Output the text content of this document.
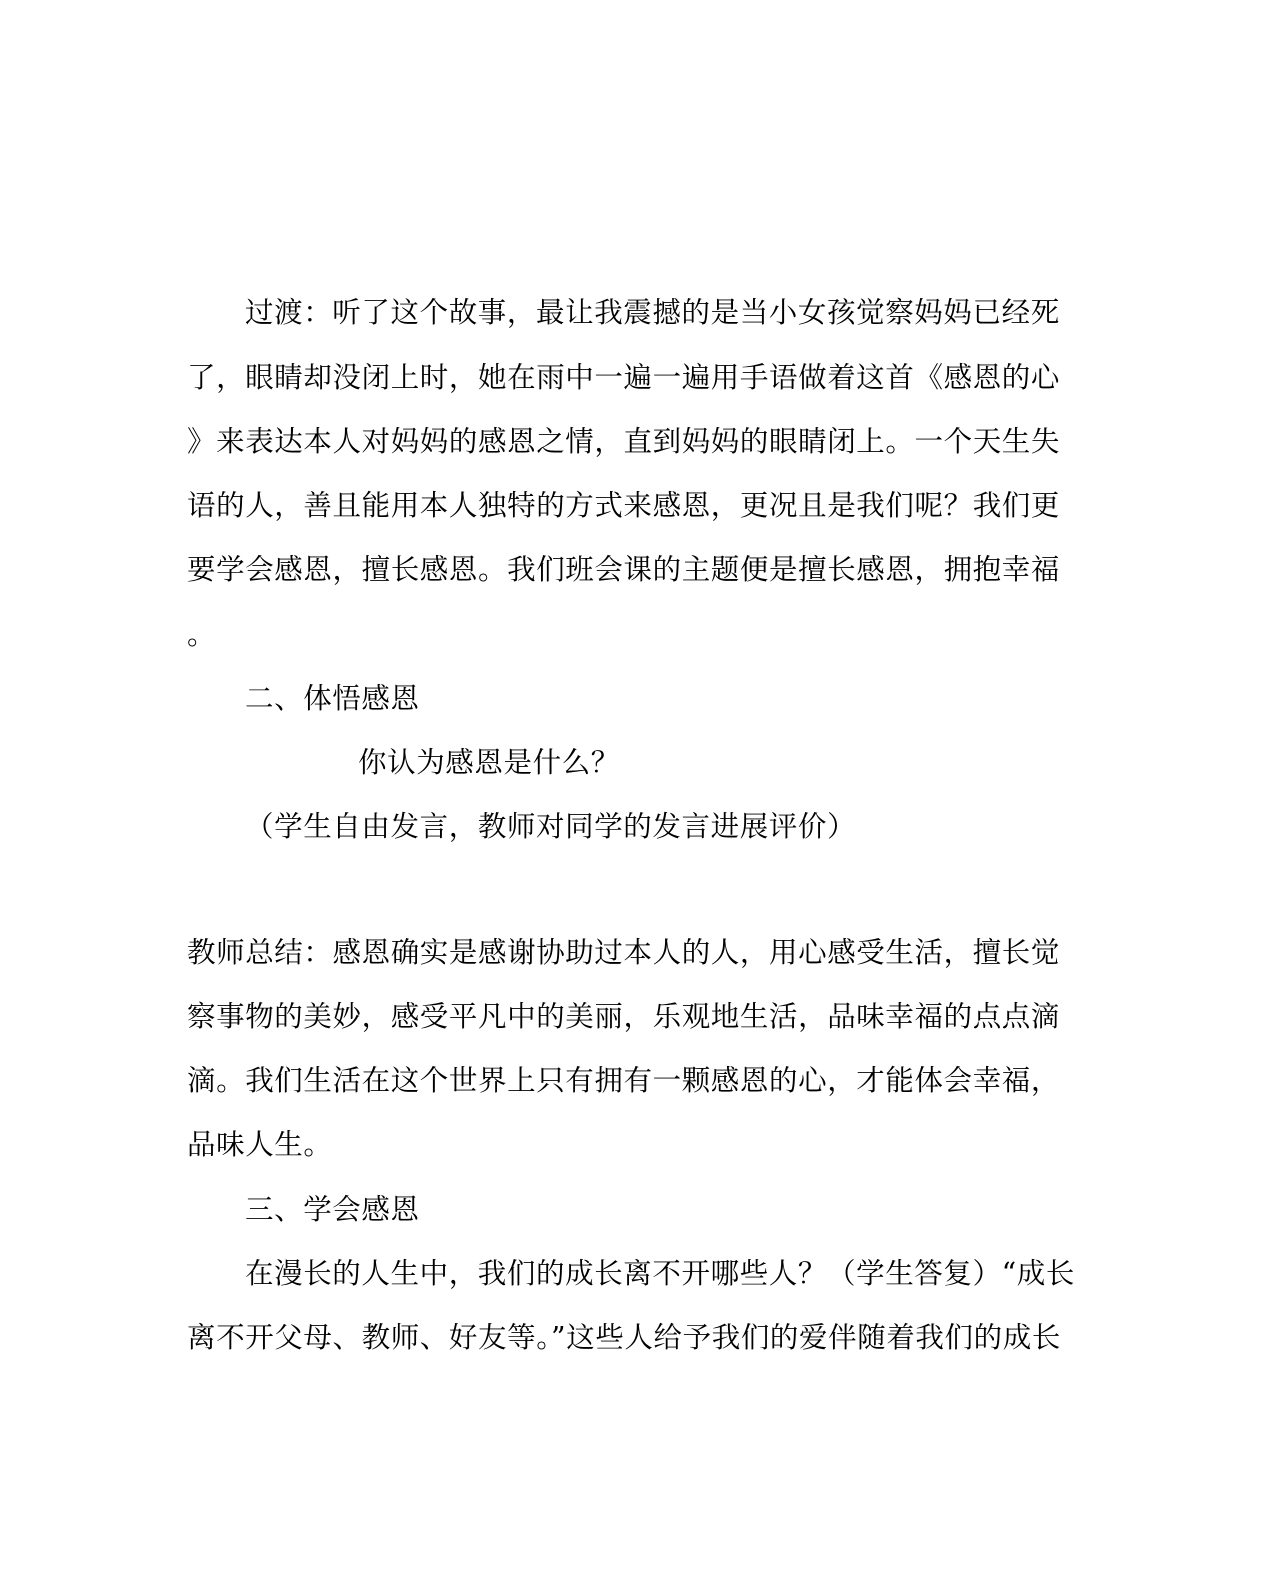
过渡：听了这个故事，最让我震撼的是当小女孩觉察妈妈已经死
了，眼睛却没闭上时，她在雨中一遍一遍用手语做着这首《感恩的心
》来表达本人对妈妈的感恩之情，直到妈妈的眼睛闭上。一个天生失
语的人，善且能用本人独特的方式来感恩，更况且是我们呢？我们更
要学会感恩，擅长感恩。我们班会课的主题便是擅长感恩，拥抱幸福
。
二、体悟感恩
你认为感恩是什么？
（学生自由发言，教师对同学的发言进展评价）
教师总结：感恩确实是感谢协助过本人的人，用心感受生活，擅长觉
察事物的美妙，感受平凡中的美丽，乐观地生活，品味幸福的点点滴
滴。我们生活在这个世界上只有拥有一颗感恩的心，才能体会幸福，
品味人生。
三、学会感恩
在漫长的人生中，我们的成长离不开哪些人？（学生答复）“成长
离不开父母、教师、好友等。”这些人给予我们的爱伴随着我们的成长
